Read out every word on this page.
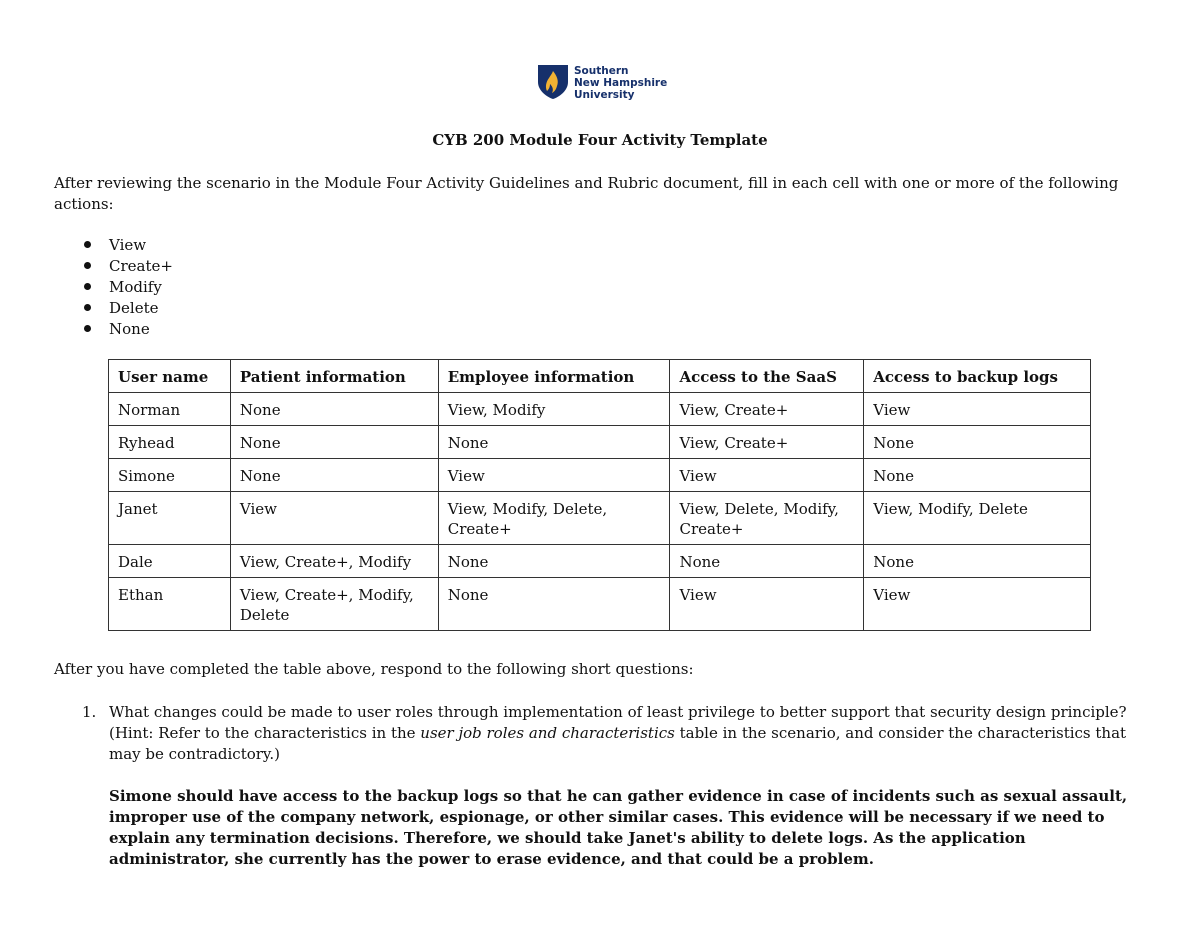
Southern
New Hampshire
University
CYB 200 Module Four Activity Template
After reviewing the scenario in the Module Four Activity Guidelines and Rubric document, fill in each cell with one or more of the following actions:
View
Create+
Modify
Delete
None
User name	Patient information	Employee information	Access to the SaaS	Access to backup logs
Norman	None	View, Modify	View, Create+	View
Ryhead	None	None	View, Create+	None
Simone	None	View	View	None
Janet	View	View, Modify, Delete, Create+	View, Delete, Modify, Create+	View, Modify, Delete
Dale	View, Create+, Modify	None	None	None
Ethan	View, Create+, Modify, Delete	None	View	View
After you have completed the table above, respond to the following short questions:
1. What changes could be made to user roles through implementation of least privilege to better support that security design principle? (Hint: Refer to the characteristics in the user job roles and characteristics table in the scenario, and consider the characteristics that may be contradictory.)
Simone should have access to the backup logs so that he can gather evidence in case of incidents such as sexual assault, improper use of the company network, espionage, or other similar cases. This evidence will be necessary if we need to explain any termination decisions. Therefore, we should take Janet's ability to delete logs. As the application administrator, she currently has the power to erase evidence, and that could be a problem.
